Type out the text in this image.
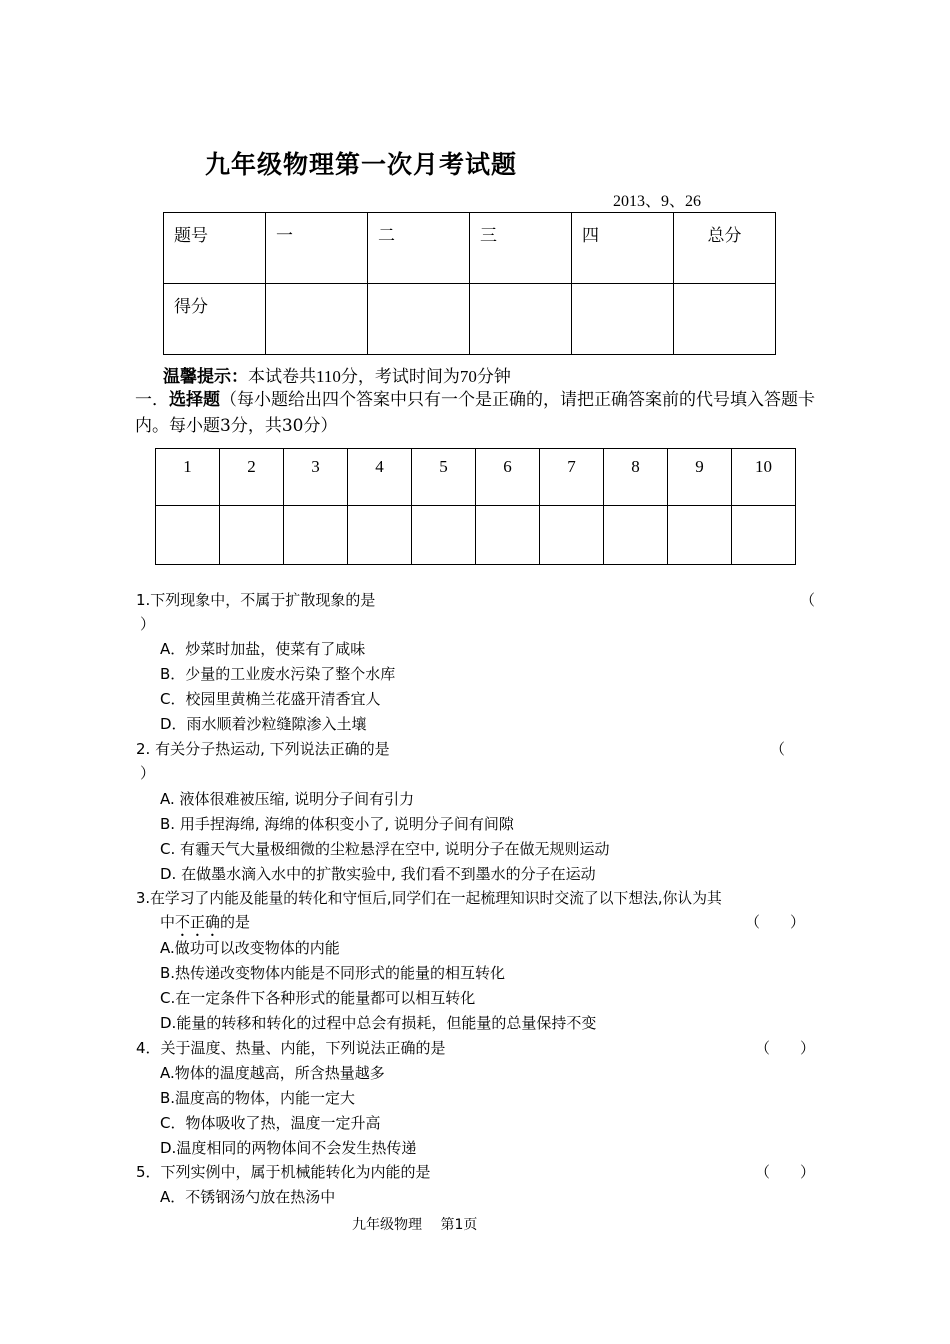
九年级物理第一次月考试题
2013、9、26
题号	一	二	三	四	总分
得分					
温馨提示：本试卷共110分，考试时间为70分钟
一．选择题（每小题给出四个答案中只有一个是正确的，请把正确答案前的代号填入答题卡内。每小题3分，共30分）
1	2	3	4	5	6	7	8	9	10

1.下列现象中，不属于扩散现象的是	（
）
A．炒菜时加盐，使菜有了咸味
B．少量的工业废水污染了整个水库
C．校园里黄桷兰花盛开清香宜人
D．雨水顺着沙粒缝隙渗入土壤
2. 有关分子热运动, 下列说法正确的是	（
）
A. 液体很难被压缩, 说明分子间有引力
B. 用手捏海绵, 海绵的体积变小了, 说明分子间有间隙
C. 有霾天气大量极细微的尘粒悬浮在空中, 说明分子在做无规则运动
D. 在做墨水滴入水中的扩散实验中, 我们看不到墨水的分子在运动
3.在学习了内能及能量的转化和守恒后,同学们在一起梳理知识时交流了以下想法,你认为其
中不正确的是	（　　）
A.做功可以改变物体的内能
B.热传递改变物体内能是不同形式的能量的相互转化
C.在一定条件下各种形式的能量都可以相互转化
D.能量的转移和转化的过程中总会有损耗，但能量的总量保持不变
4．关于温度、热量、内能，下列说法正确的是	（　　）
A.物体的温度越高，所含热量越多
B.温度高的物体，内能一定大
C．物体吸收了热，温度一定升高
D.温度相同的两物体间不会发生热传递
5．下列实例中，属于机械能转化为内能的是	（　　）
A．不锈钢汤勺放在热汤中
九年级物理　 第1页
